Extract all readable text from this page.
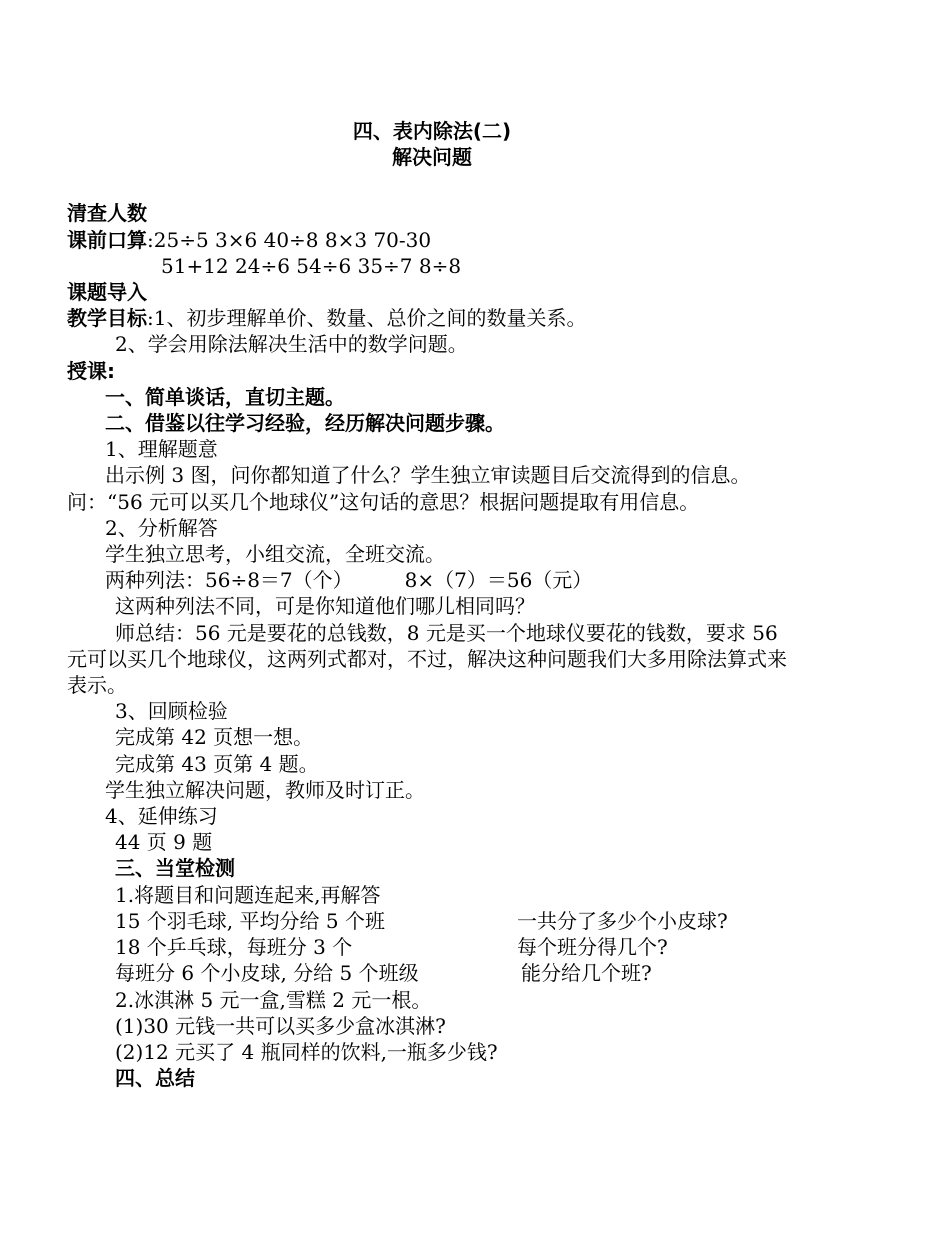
四、表内除法(二)
解决问题
清查人数
课前口算:25÷5 3×6 40÷8 8×3 70-30
51+12 24÷6 54÷6 35÷7 8÷8
课题导入
教学目标:1、初步理解单价、数量、总价之间的数量关系。
2、学会用除法解决生活中的数学问题。
授课:
一、简单谈话，直切主题。
二、借鉴以往学习经验，经历解决问题步骤。
1、理解题意
出示例 3 图，问你都知道了什么？学生独立审读题目后交流得到的信息。问：“56 元可以买几个地球仪”这句话的意思？根据问题提取有用信息。
2、分析解答
学生独立思考，小组交流，全班交流。
两种列法：56÷8＝7（个）	8×（7）＝56（元）
这两种列法不同，可是你知道他们哪儿相同吗？
师总结：56 元是要花的总钱数，8 元是买一个地球仪要花的钱数，要求 56 元可以买几个地球仪，这两列式都对，不过，解决这种问题我们大多用除法算式来表示。
3、回顾检验
完成第 42 页想一想。
完成第 43 页第 4 题。
学生独立解决问题，教师及时订正。
4、延伸练习
44 页 9 题
三、当堂检测
1.将题目和问题连起来,再解答
15 个羽毛球, 平均分给 5 个班	一共分了多少个小皮球?
18 个乒乓球，每班分 3 个	每个班分得几个?
每班分 6 个小皮球, 分给 5 个班级	能分给几个班?
2.冰淇淋 5 元一盒,雪糕 2 元一根。
(1)30 元钱一共可以买多少盒冰淇淋?
(2)12 元买了 4 瓶同样的饮料,一瓶多少钱?
四、总结
